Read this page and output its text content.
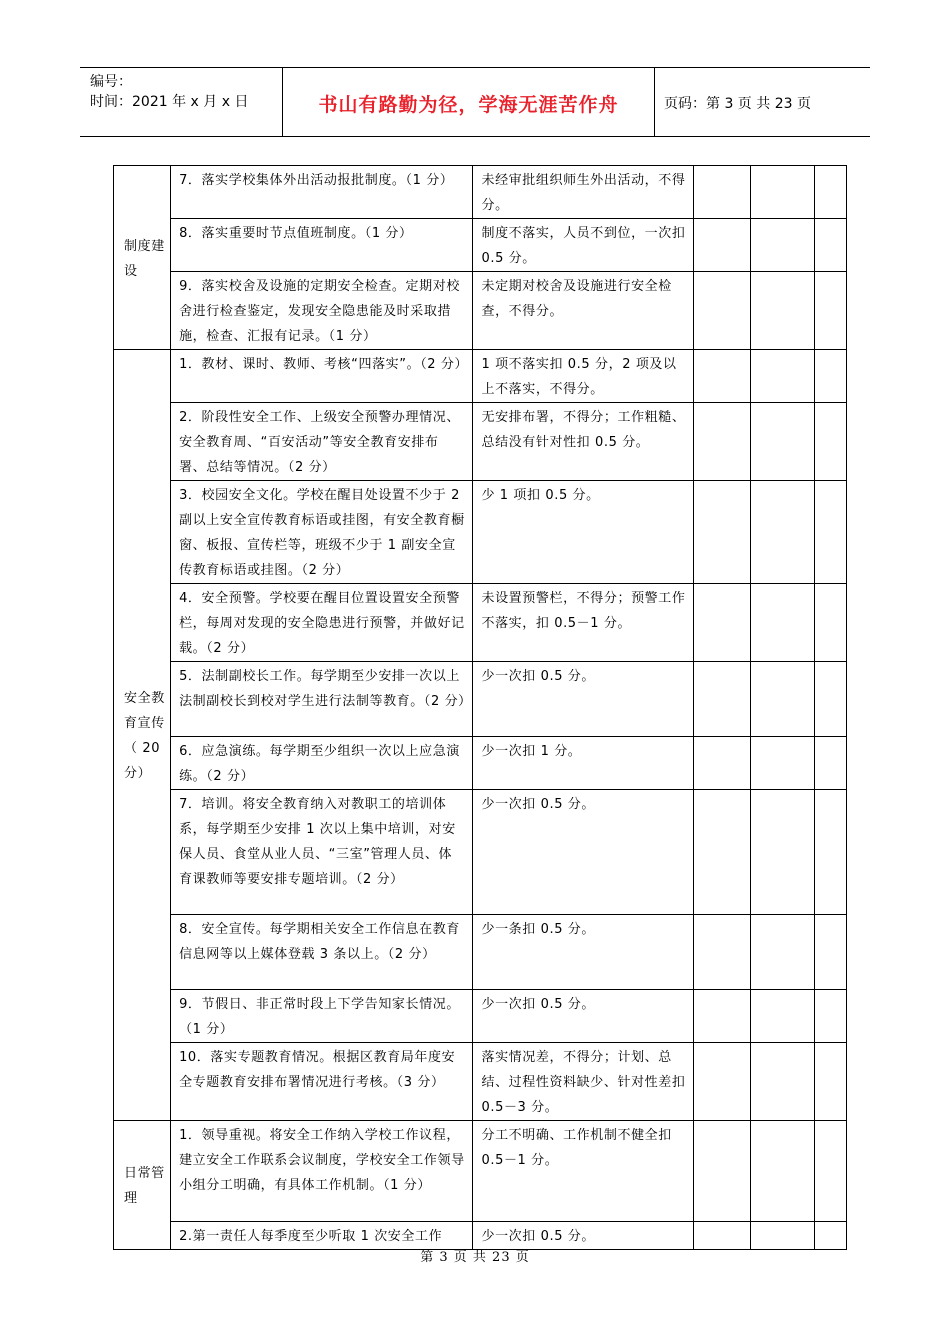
编号：
时间：2021 年 x 月 x 日	书山有路勤为径，学海无涯苦作舟	页码：第 3 页 共 23 页
制度建设	7．落实学校集体外出活动报批制度。（1 分）	未经审批组织师生外出活动，不得分。			
	8．落实重要时节点值班制度。（1 分）	制度不落实，人员不到位，一次扣 0.5 分。			
	9．落实校舍及设施的定期安全检查。定期对校舍进行检查鉴定，发现安全隐患能及时采取措施，检查、汇报有记录。（1 分）	未定期对校舍及设施进行安全检查，不得分。			
安全教育宣传（ 20 分）	1．教材、课时、教师、考核“四落实”。（2 分）	1 项不落实扣 0.5 分，2 项及以上不落实，不得分。			
	2．阶段性安全工作、上级安全预警办理情况、安全教育周、“百安活动”等安全教育安排布署、总结等情况。（2 分）	无安排布署，不得分；工作粗糙、总结没有针对性扣 0.5 分。			
	3．校园安全文化。学校在醒目处设置不少于 2 副以上安全宣传教育标语或挂图，有安全教育橱窗、板报、宣传栏等，班级不少于 1 副安全宣传教育标语或挂图。（2 分）	少 1 项扣 0.5 分。			
	4．安全预警。学校要在醒目位置设置安全预警栏，每周对发现的安全隐患进行预警，并做好记载。（2 分）	未设置预警栏，不得分；预警工作不落实，扣 0.5－1 分。			
	5．法制副校长工作。每学期至少安排一次以上法制副校长到校对学生进行法制等教育。（2 分）	少一次扣 0.5 分。			
	6．应急演练。每学期至少组织一次以上应急演练。（2 分）	少一次扣 1 分。			
	7．培训。将安全教育纳入对教职工的培训体系，每学期至少安排 1 次以上集中培训，对安保人员、食堂从业人员、“三室”管理人员、体育课教师等要安排专题培训。（2 分）	少一次扣 0.5 分。			
	8．安全宣传。每学期相关安全工作信息在教育信息网等以上媒体登载 3 条以上。（2 分）	少一条扣 0.5 分。			
	9．节假日、非正常时段上下学告知家长情况。（1 分）	少一次扣 0.5 分。			
	10．落实专题教育情况。根据区教育局年度安全专题教育安排布署情况进行考核。（3 分）	落实情况差，不得分；计划、总结、过程性资料缺少、针对性差扣 0.5－3 分。			
日常管理	1．领导重视。将安全工作纳入学校工作议程，建立安全工作联系会议制度，学校安全工作领导小组分工明确，有具体工作机制。（1 分）	分工不明确、工作机制不健全扣 0.5－1 分。			
	2.第一责任人每季度至少听取 1 次安全工作	少一次扣 0.5 分。			
第 3 页 共 23 页
